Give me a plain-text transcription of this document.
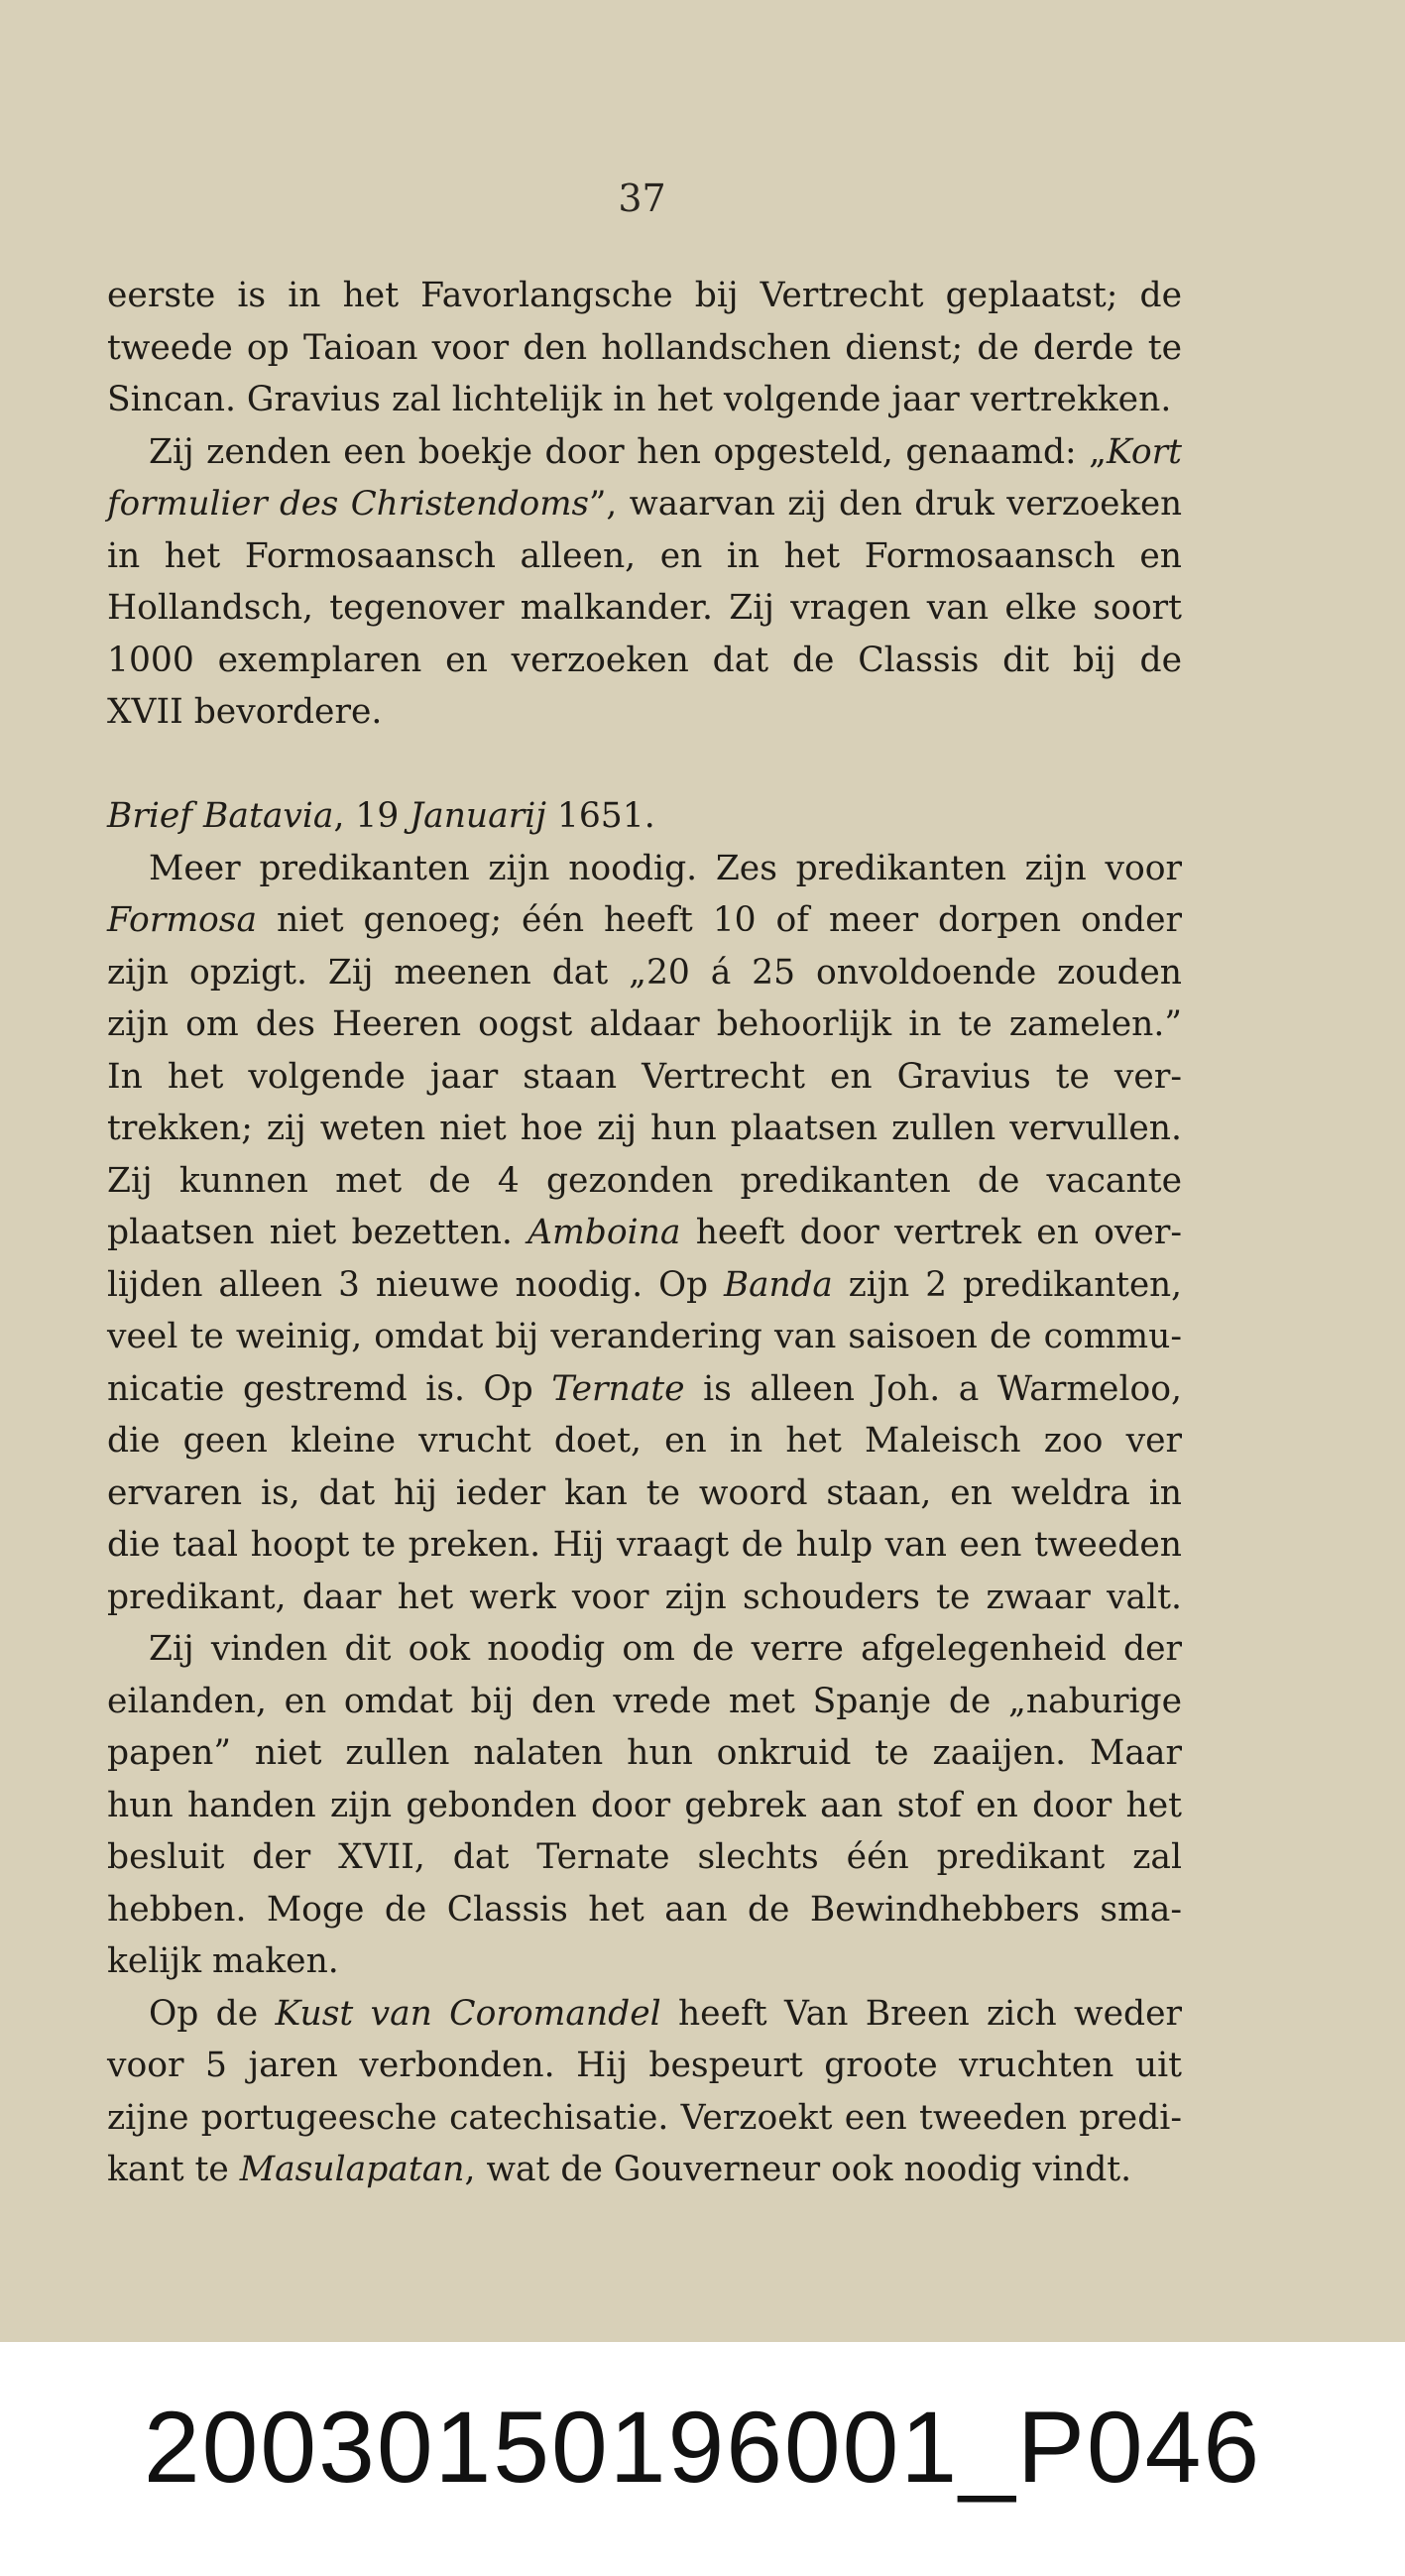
37
eerste is in het Favorlangsche bij Vertrecht geplaatst; de
tweede op Taioan voor den hollandschen dienst; de derde te
Sincan. Gravius zal lichtelijk in het volgende jaar vertrekken.
Zij zenden een boekje door hen opgesteld, genaamd: „Kort
formulier des Christendoms”, waarvan zij den druk verzoeken
in het Formosaansch alleen, en in het Formosaansch en
Hollandsch, tegenover malkander. Zij vragen van elke soort
1000 exemplaren en verzoeken dat de Classis dit bij de
XVII bevordere.
Brief Batavia, 19 Januarij 1651.
Meer predikanten zijn noodig. Zes predikanten zijn voor
Formosa niet genoeg; één heeft 10 of meer dorpen onder
zijn opzigt. Zij meenen dat „20 á 25 onvoldoende zouden
zijn om des Heeren oogst aldaar behoorlijk in te zamelen.”
In het volgende jaar staan Vertrecht en Gravius te ver-
trekken; zij weten niet hoe zij hun plaatsen zullen vervullen.
Zij kunnen met de 4 gezonden predikanten de vacante
plaatsen niet bezetten. Amboina heeft door vertrek en over-
lijden alleen 3 nieuwe noodig. Op Banda zijn 2 predikanten,
veel te weinig, omdat bij verandering van saisoen de commu-
nicatie gestremd is. Op Ternate is alleen Joh. a Warmeloo,
die geen kleine vrucht doet, en in het Maleisch zoo ver
ervaren is, dat hij ieder kan te woord staan, en weldra in
die taal hoopt te preken. Hij vraagt de hulp van een tweeden
predikant, daar het werk voor zijn schouders te zwaar valt.
Zij vinden dit ook noodig om de verre afgelegenheid der
eilanden, en omdat bij den vrede met Spanje de „naburige
papen” niet zullen nalaten hun onkruid te zaaijen. Maar
hun handen zijn gebonden door gebrek aan stof en door het
besluit der XVII, dat Ternate slechts één predikant zal
hebben. Moge de Classis het aan de Bewindhebbers sma-
kelijk maken.
Op de Kust van Coromandel heeft Van Breen zich weder
voor 5 jaren verbonden. Hij bespeurt groote vruchten uit
zijne portugeesche catechisatie. Verzoekt een tweeden predi-
kant te Masulapatan, wat de Gouverneur ook noodig vindt.
20030150196001_P046
